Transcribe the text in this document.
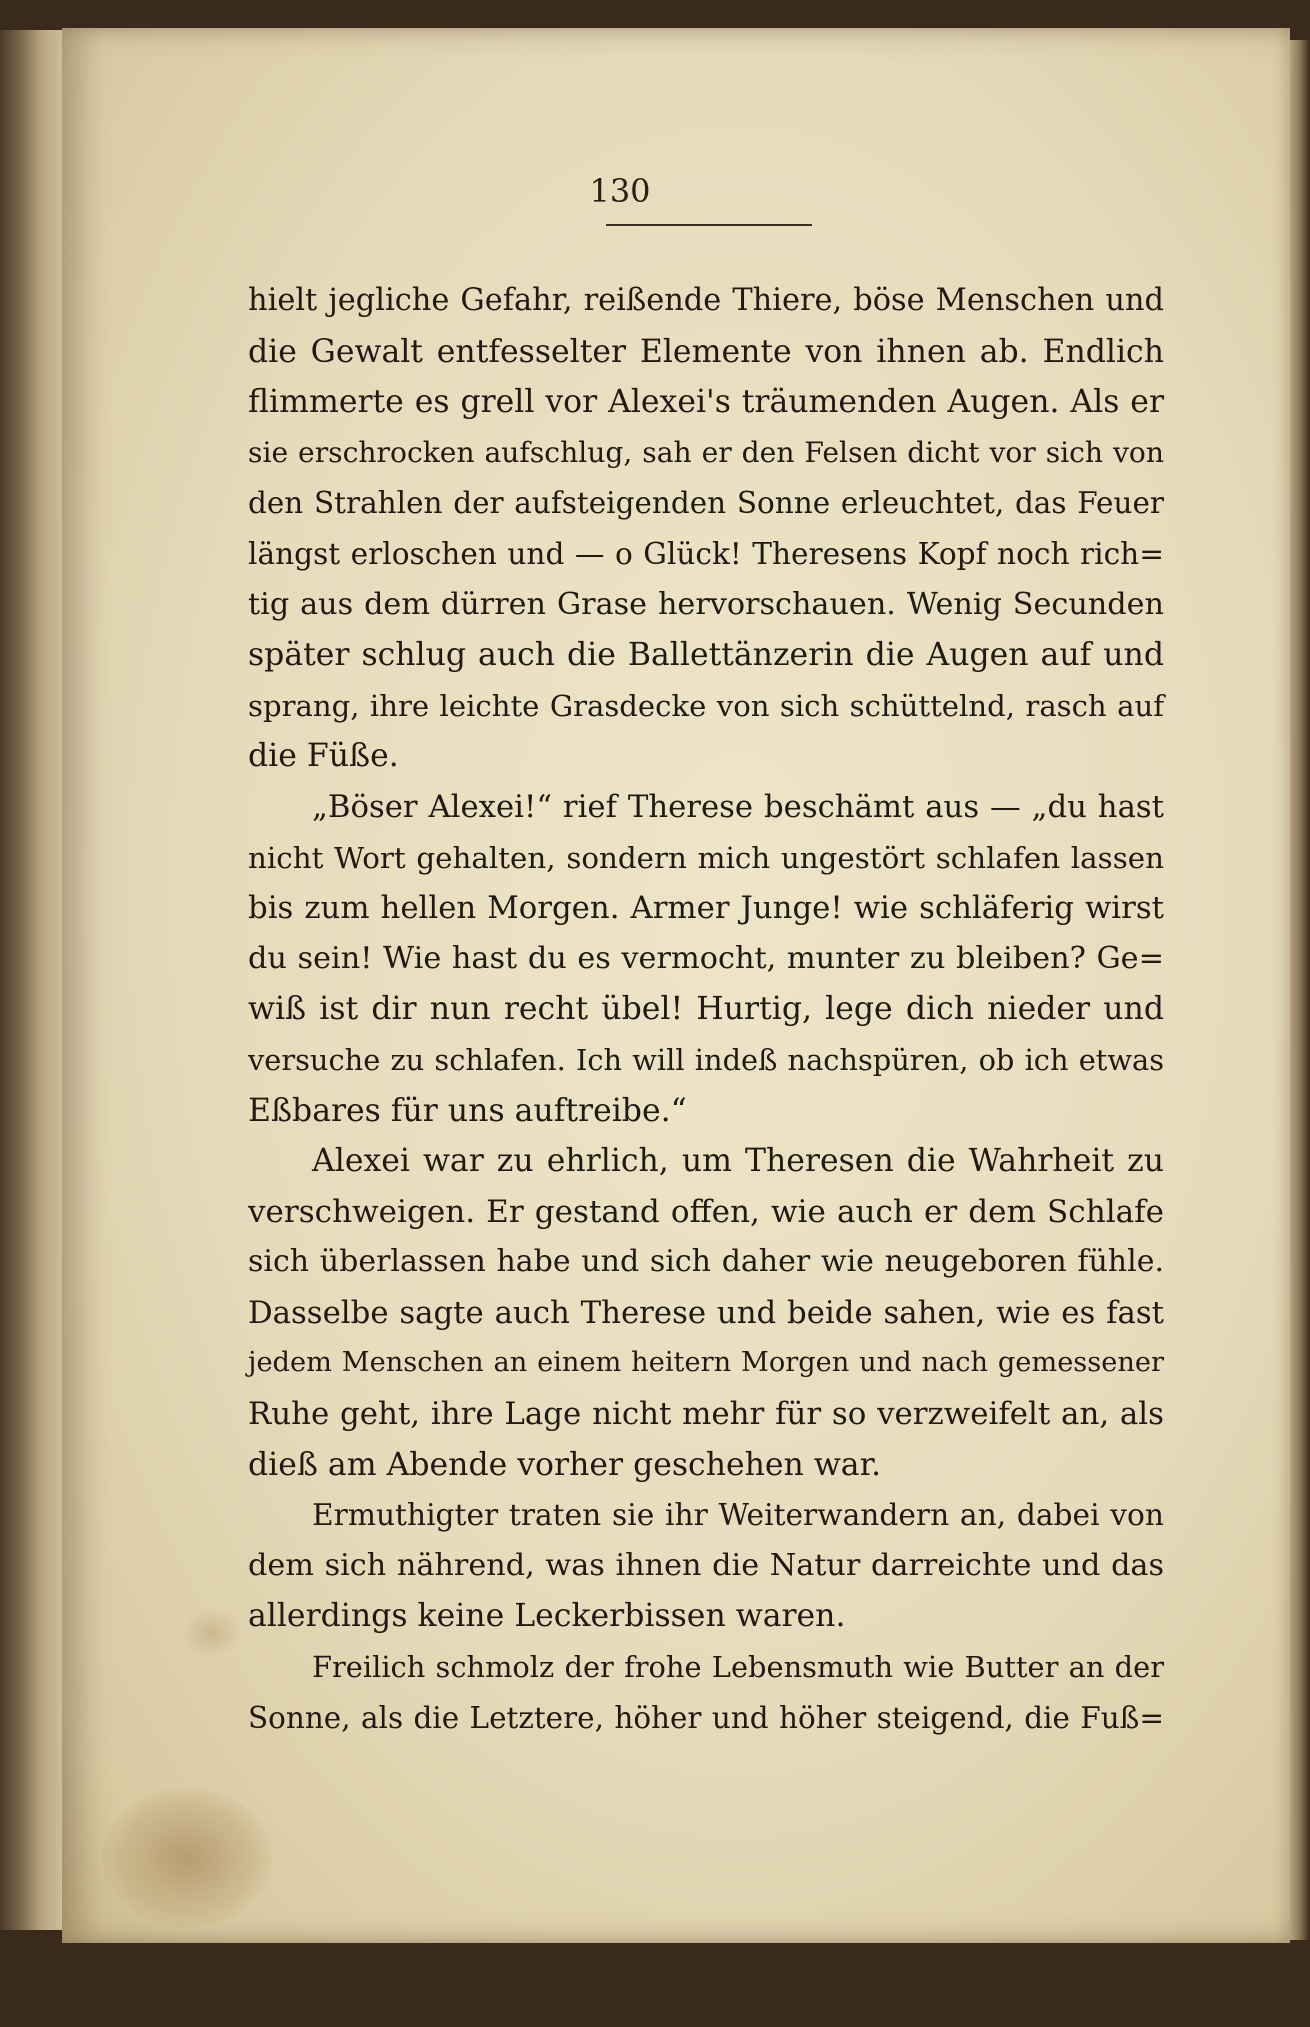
130
hielt jegliche Gefahr, reißende Thiere, böse Menschen und
die Gewalt entfesselter Elemente von ihnen ab. Endlich
flimmerte es grell vor Alexei's träumenden Augen. Als er
sie erschrocken aufschlug, sah er den Felsen dicht vor sich von
den Strahlen der aufsteigenden Sonne erleuchtet, das Feuer
längst erloschen und — o Glück! Theresens Kopf noch rich=
tig aus dem dürren Grase hervorschauen. Wenig Secunden
später schlug auch die Ballettänzerin die Augen auf und
sprang, ihre leichte Grasdecke von sich schüttelnd, rasch auf
die Füße.
„Böser Alexei!“ rief Therese beschämt aus — „du hast
nicht Wort gehalten, sondern mich ungestört schlafen lassen
bis zum hellen Morgen. Armer Junge! wie schläferig wirst
du sein! Wie hast du es vermocht, munter zu bleiben? Ge=
wiß ist dir nun recht übel! Hurtig, lege dich nieder und
versuche zu schlafen. Ich will indeß nachspüren, ob ich etwas
Eßbares für uns auftreibe.“
Alexei war zu ehrlich, um Theresen die Wahrheit zu
verschweigen. Er gestand offen, wie auch er dem Schlafe
sich überlassen habe und sich daher wie neugeboren fühle.
Dasselbe sagte auch Therese und beide sahen, wie es fast
jedem Menschen an einem heitern Morgen und nach gemessener
Ruhe geht, ihre Lage nicht mehr für so verzweifelt an, als
dieß am Abende vorher geschehen war.
Ermuthigter traten sie ihr Weiterwandern an, dabei von
dem sich nährend, was ihnen die Natur darreichte und das
allerdings keine Leckerbissen waren.
Freilich schmolz der frohe Lebensmuth wie Butter an der
Sonne, als die Letztere, höher und höher steigend, die Fuß=
